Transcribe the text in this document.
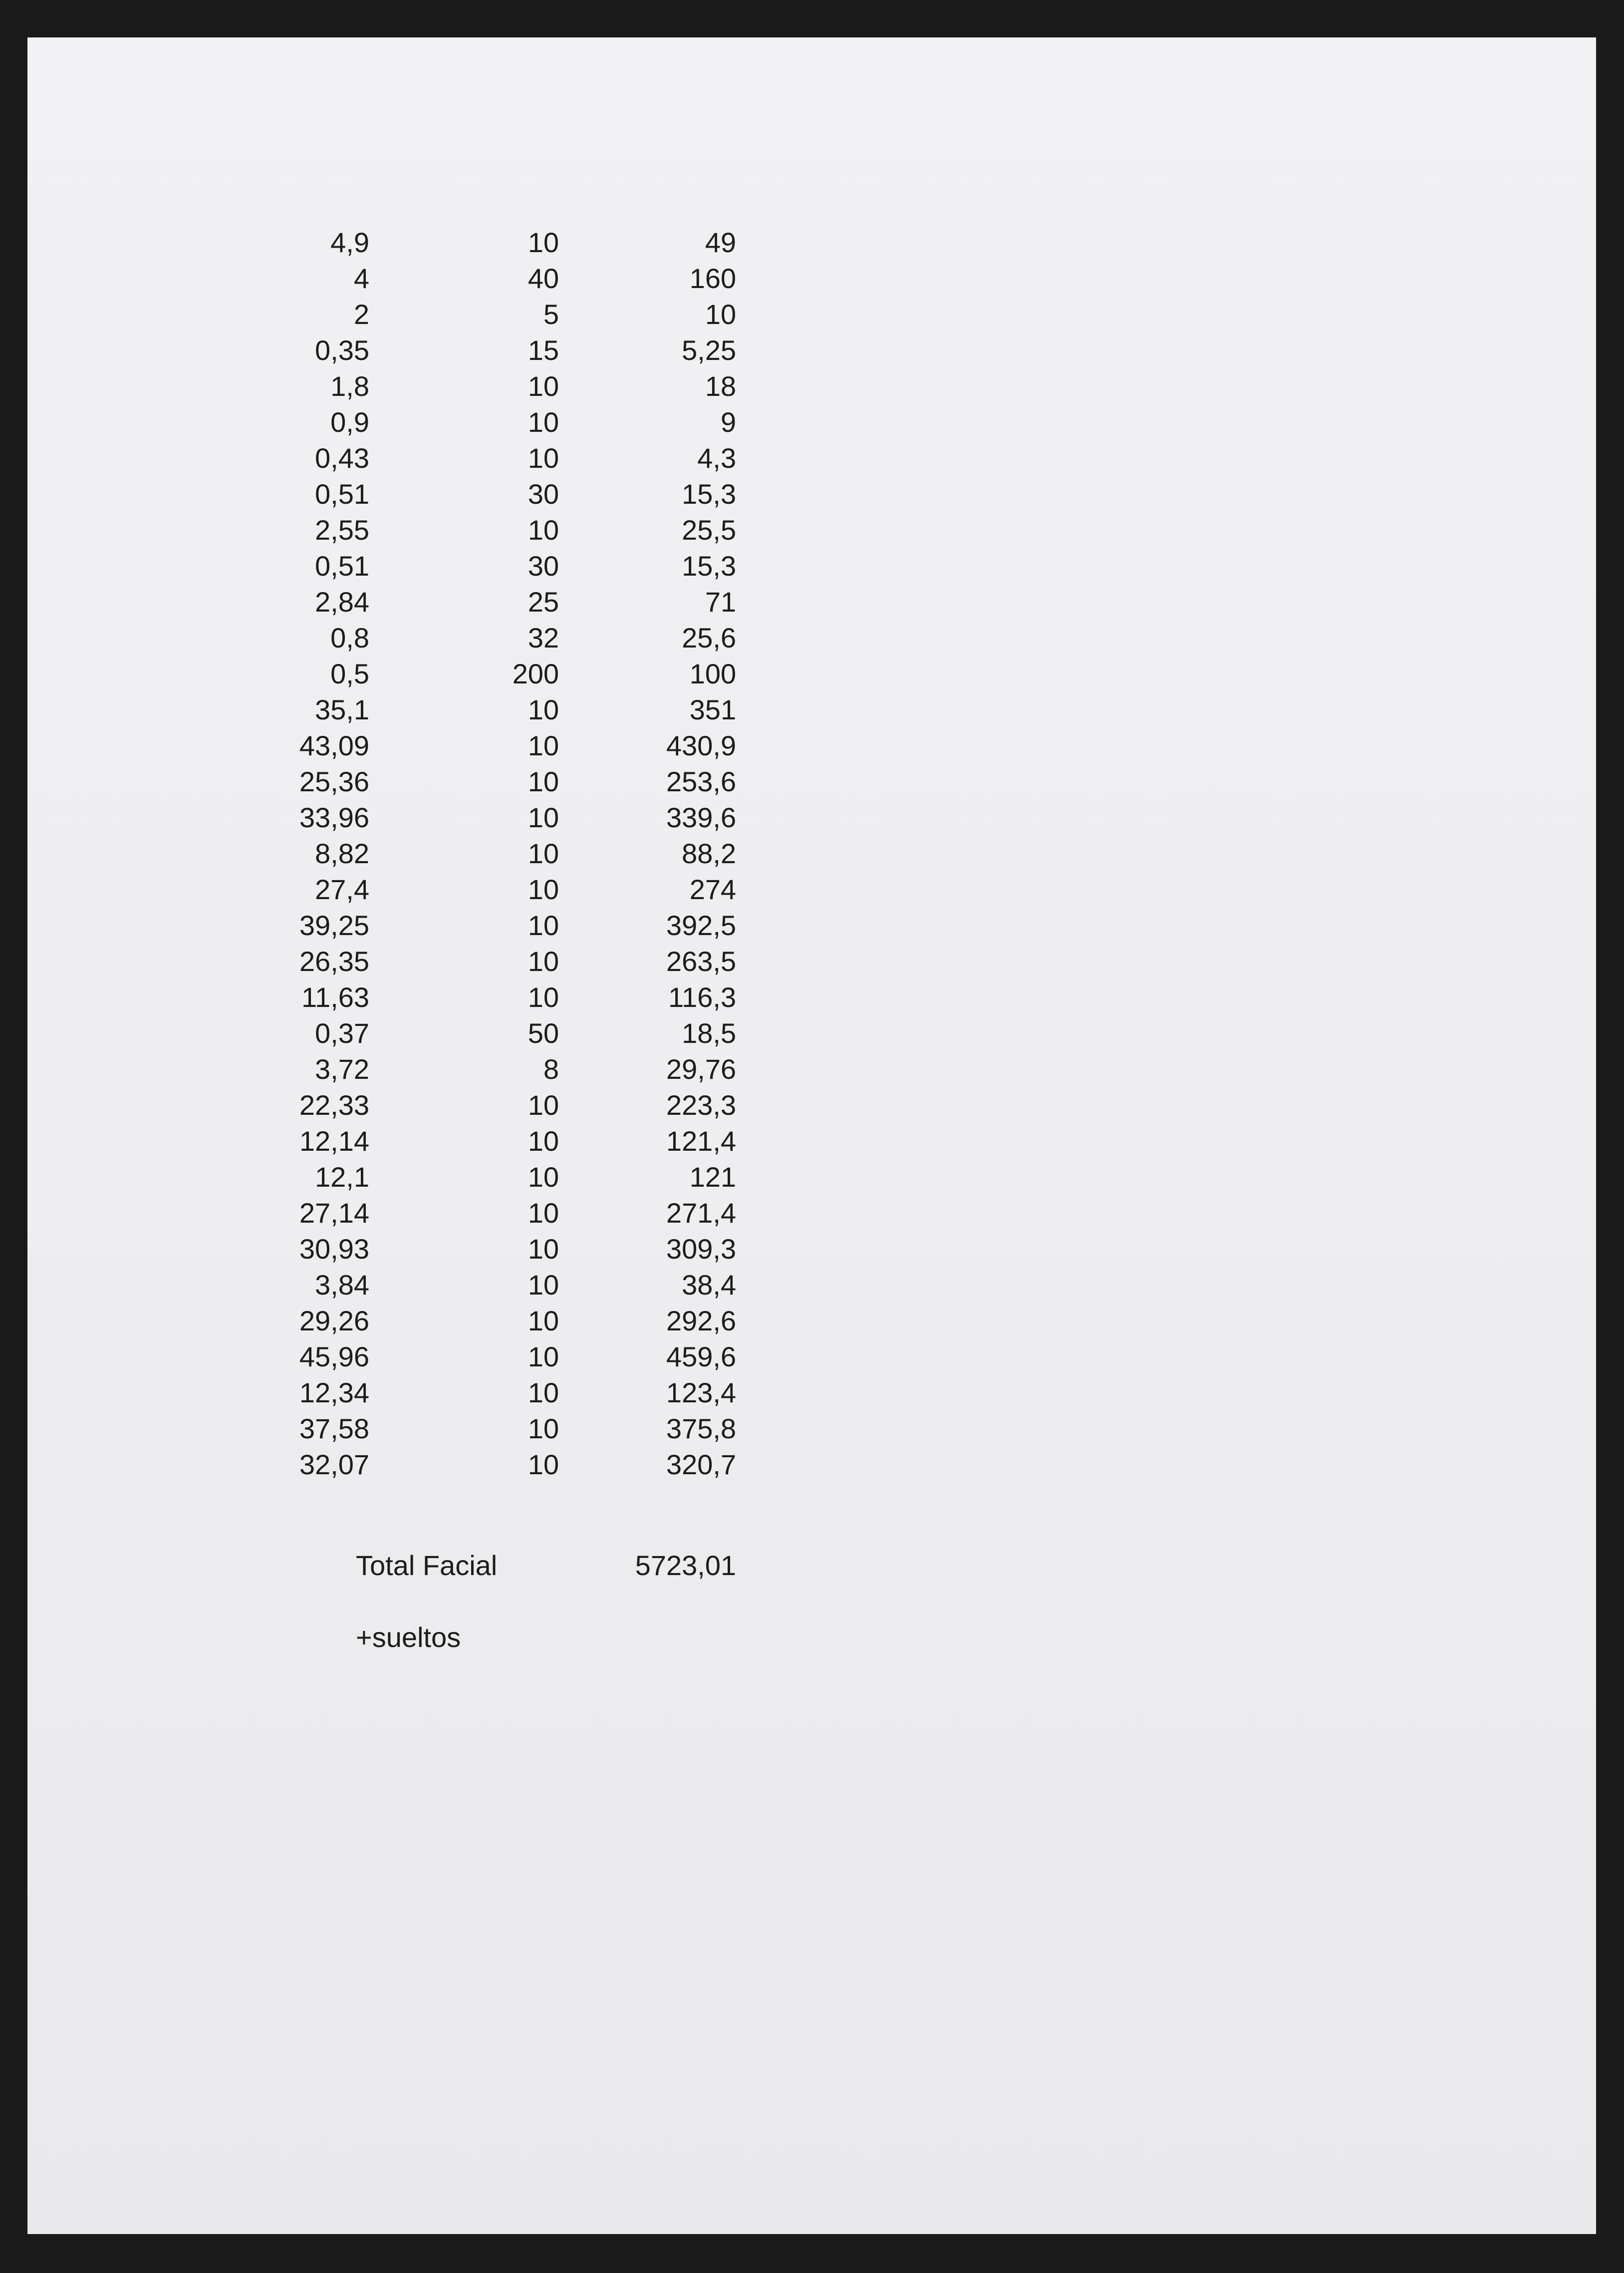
4,9	10	49
4	40	160
2	5	10
0,35	15	5,25
1,8	10	18
0,9	10	9
0,43	10	4,3
0,51	30	15,3
2,55	10	25,5
0,51	30	15,3
2,84	25	71
0,8	32	25,6
0,5	200	100
35,1	10	351
43,09	10	430,9
25,36	10	253,6
33,96	10	339,6
8,82	10	88,2
27,4	10	274
39,25	10	392,5
26,35	10	263,5
11,63	10	116,3
0,37	50	18,5
3,72	8	29,76
22,33	10	223,3
12,14	10	121,4
12,1	10	121
27,14	10	271,4
30,93	10	309,3
3,84	10	38,4
29,26	10	292,6
45,96	10	459,6
12,34	10	123,4
37,58	10	375,8
32,07	10	320,7
Total Facial	5723,01
+sueltos
